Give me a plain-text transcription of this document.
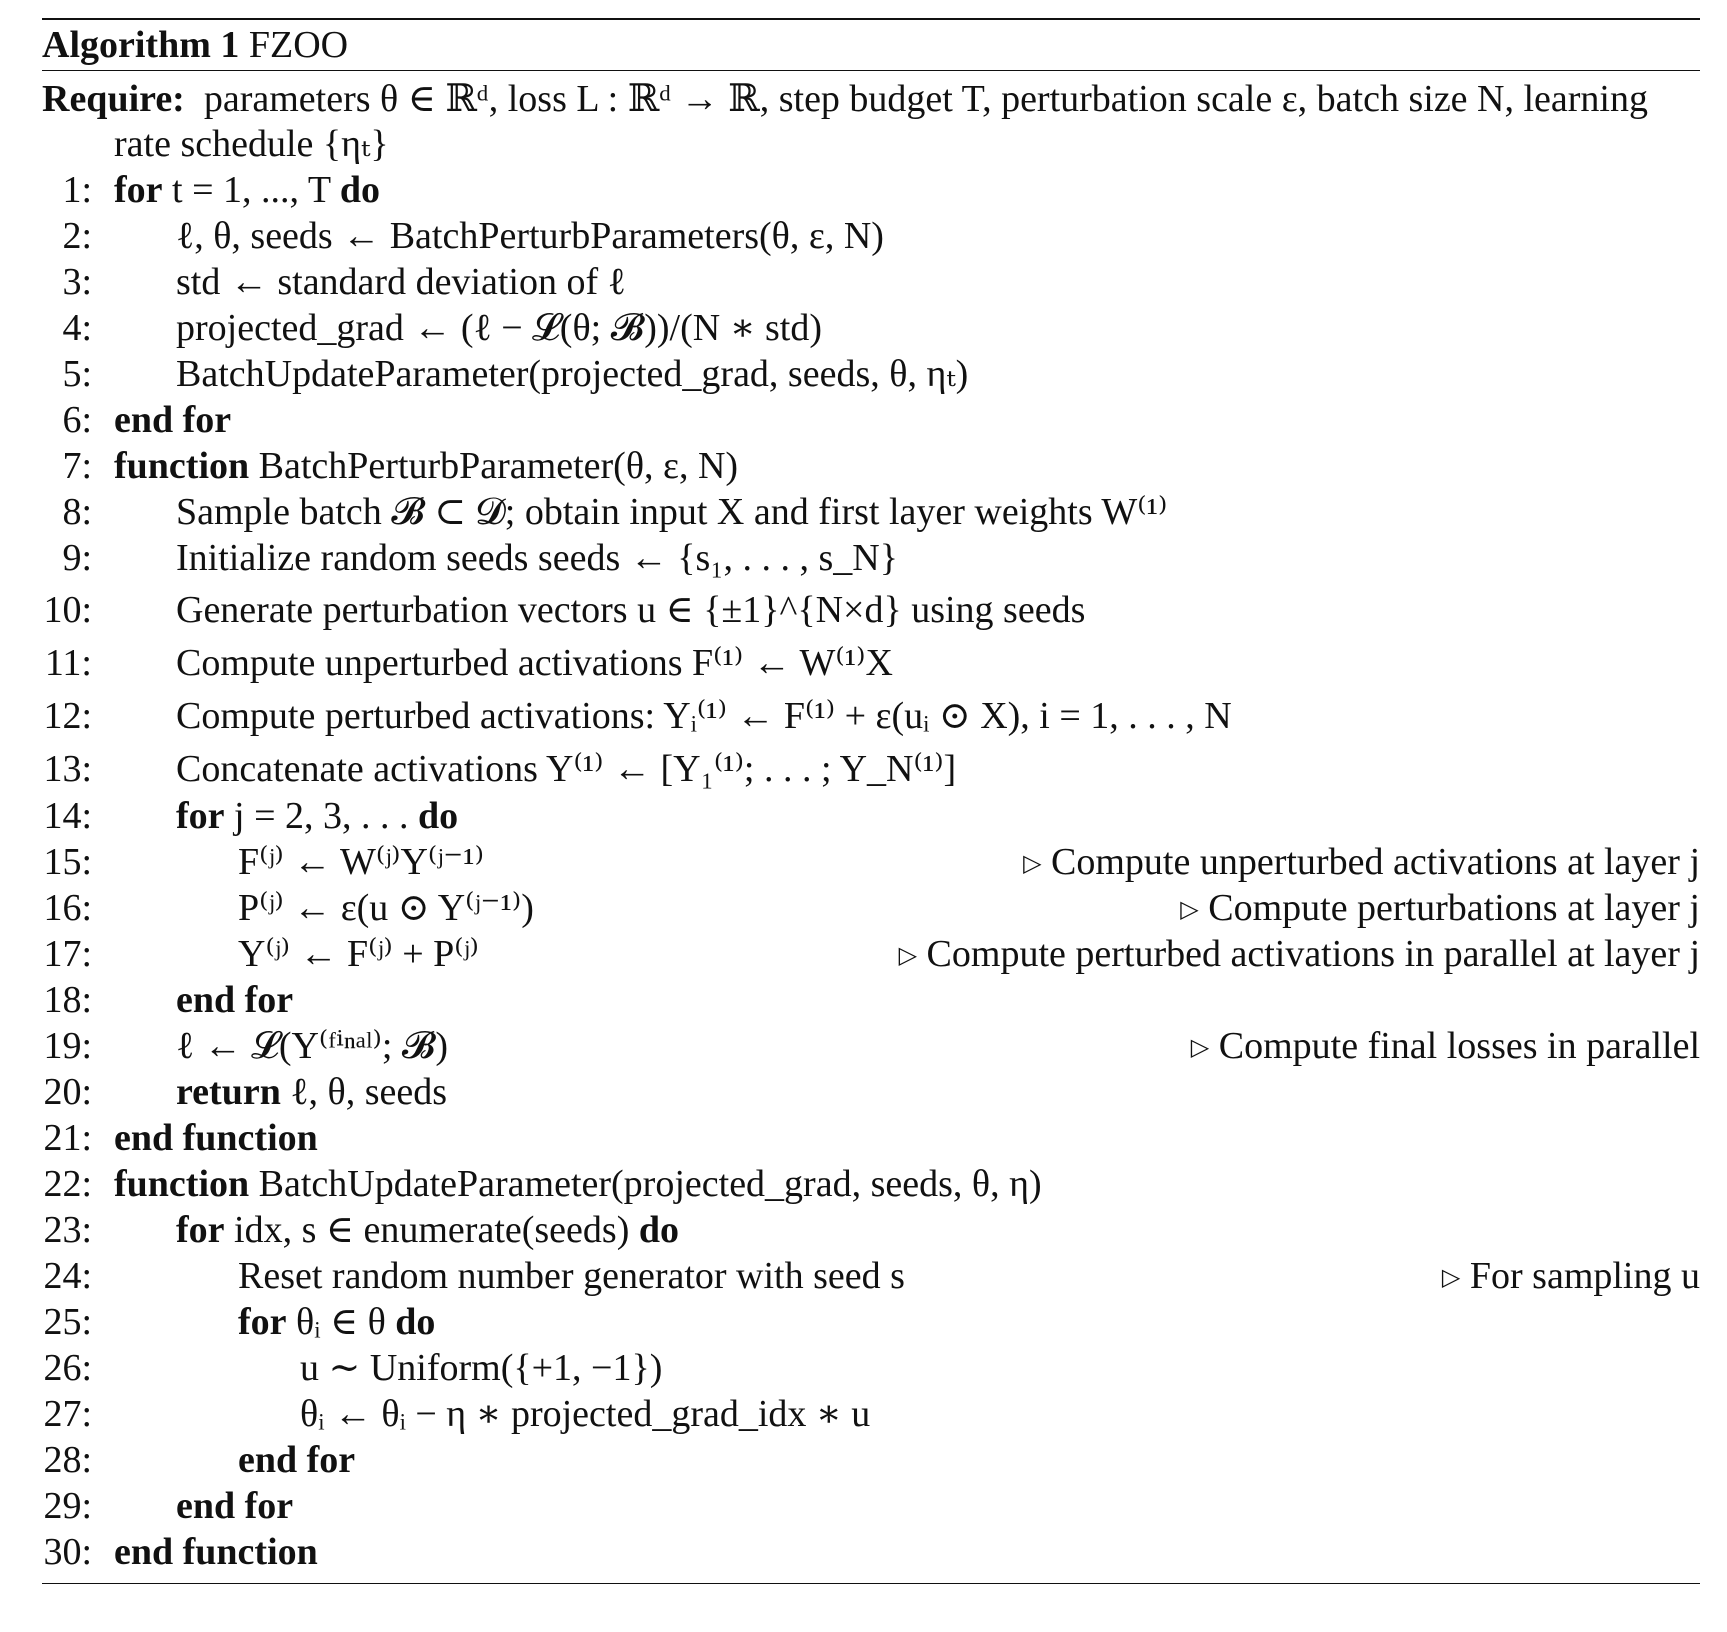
Algorithm 1
FZOO
Require: parameters θ ∈ ℝᵈ, loss L : ℝᵈ → ℝ, step budget T, perturbation scale ε, batch size N, learning rate schedule {ηₜ}
1: for t = 1, ..., T do
2: ℓ, θ, seeds ← BatchPerturbParameters(θ, ε, N)
3: std ← standard deviation of ℓ
4: projected_grad ← (ℓ − 𝓛(θ; 𝓑))/(N ∗ std)
5: BatchUpdateParameter(projected_grad, seeds, θ, ηₜ)
6: end for
7: function BatchPerturbParameter(θ, ε, N)
8: Sample batch 𝓑 ⊂ 𝓓; obtain input X and first layer weights W⁽¹⁾
9: Initialize random seeds seeds ← {s₁, . . . , s_N}
10: Generate perturbation vectors u ∈ {±1}^{N×d} using seeds
11: Compute unperturbed activations F⁽¹⁾ ← W⁽¹⁾X
12: Compute perturbed activations: Yᵢ⁽¹⁾ ← F⁽¹⁾ + ε(uᵢ ⊙ X), i = 1, . . . , N
13: Concatenate activations Y⁽¹⁾ ← [Y₁⁽¹⁾; . . . ; Y_N⁽¹⁾]
14: for j = 2, 3, . . . do
15:	F⁽ʲ⁾ ← W⁽ʲ⁾Y⁽ʲ⁻¹⁾	▷ Compute unperturbed activations at layer j
16:	P⁽ʲ⁾ ← ε(u ⊙ Y⁽ʲ⁻¹⁾)	▷ Compute perturbations at layer j
17:	Y⁽ʲ⁾ ← F⁽ʲ⁾ + P⁽ʲ⁾	▷ Compute perturbed activations in parallel at layer j
18: end for
19: ℓ ← 𝓛(Y⁽ᶠⁱⁿᵃˡ⁾; 𝓑)	▷ Compute final losses in parallel
20: return ℓ, θ, seeds
21: end function
22: function BatchUpdateParameter(projected_grad, seeds, θ, η)
23: for idx, s ∈ enumerate(seeds) do
24:	Reset random number generator with seed s	▷ For sampling u
25:	for θᵢ ∈ θ do
26:	u ∼ Uniform({+1, −1})
27:	θᵢ ← θᵢ − η ∗ projected_grad_idx ∗ u
28:	end for
29: end for
30: end function
